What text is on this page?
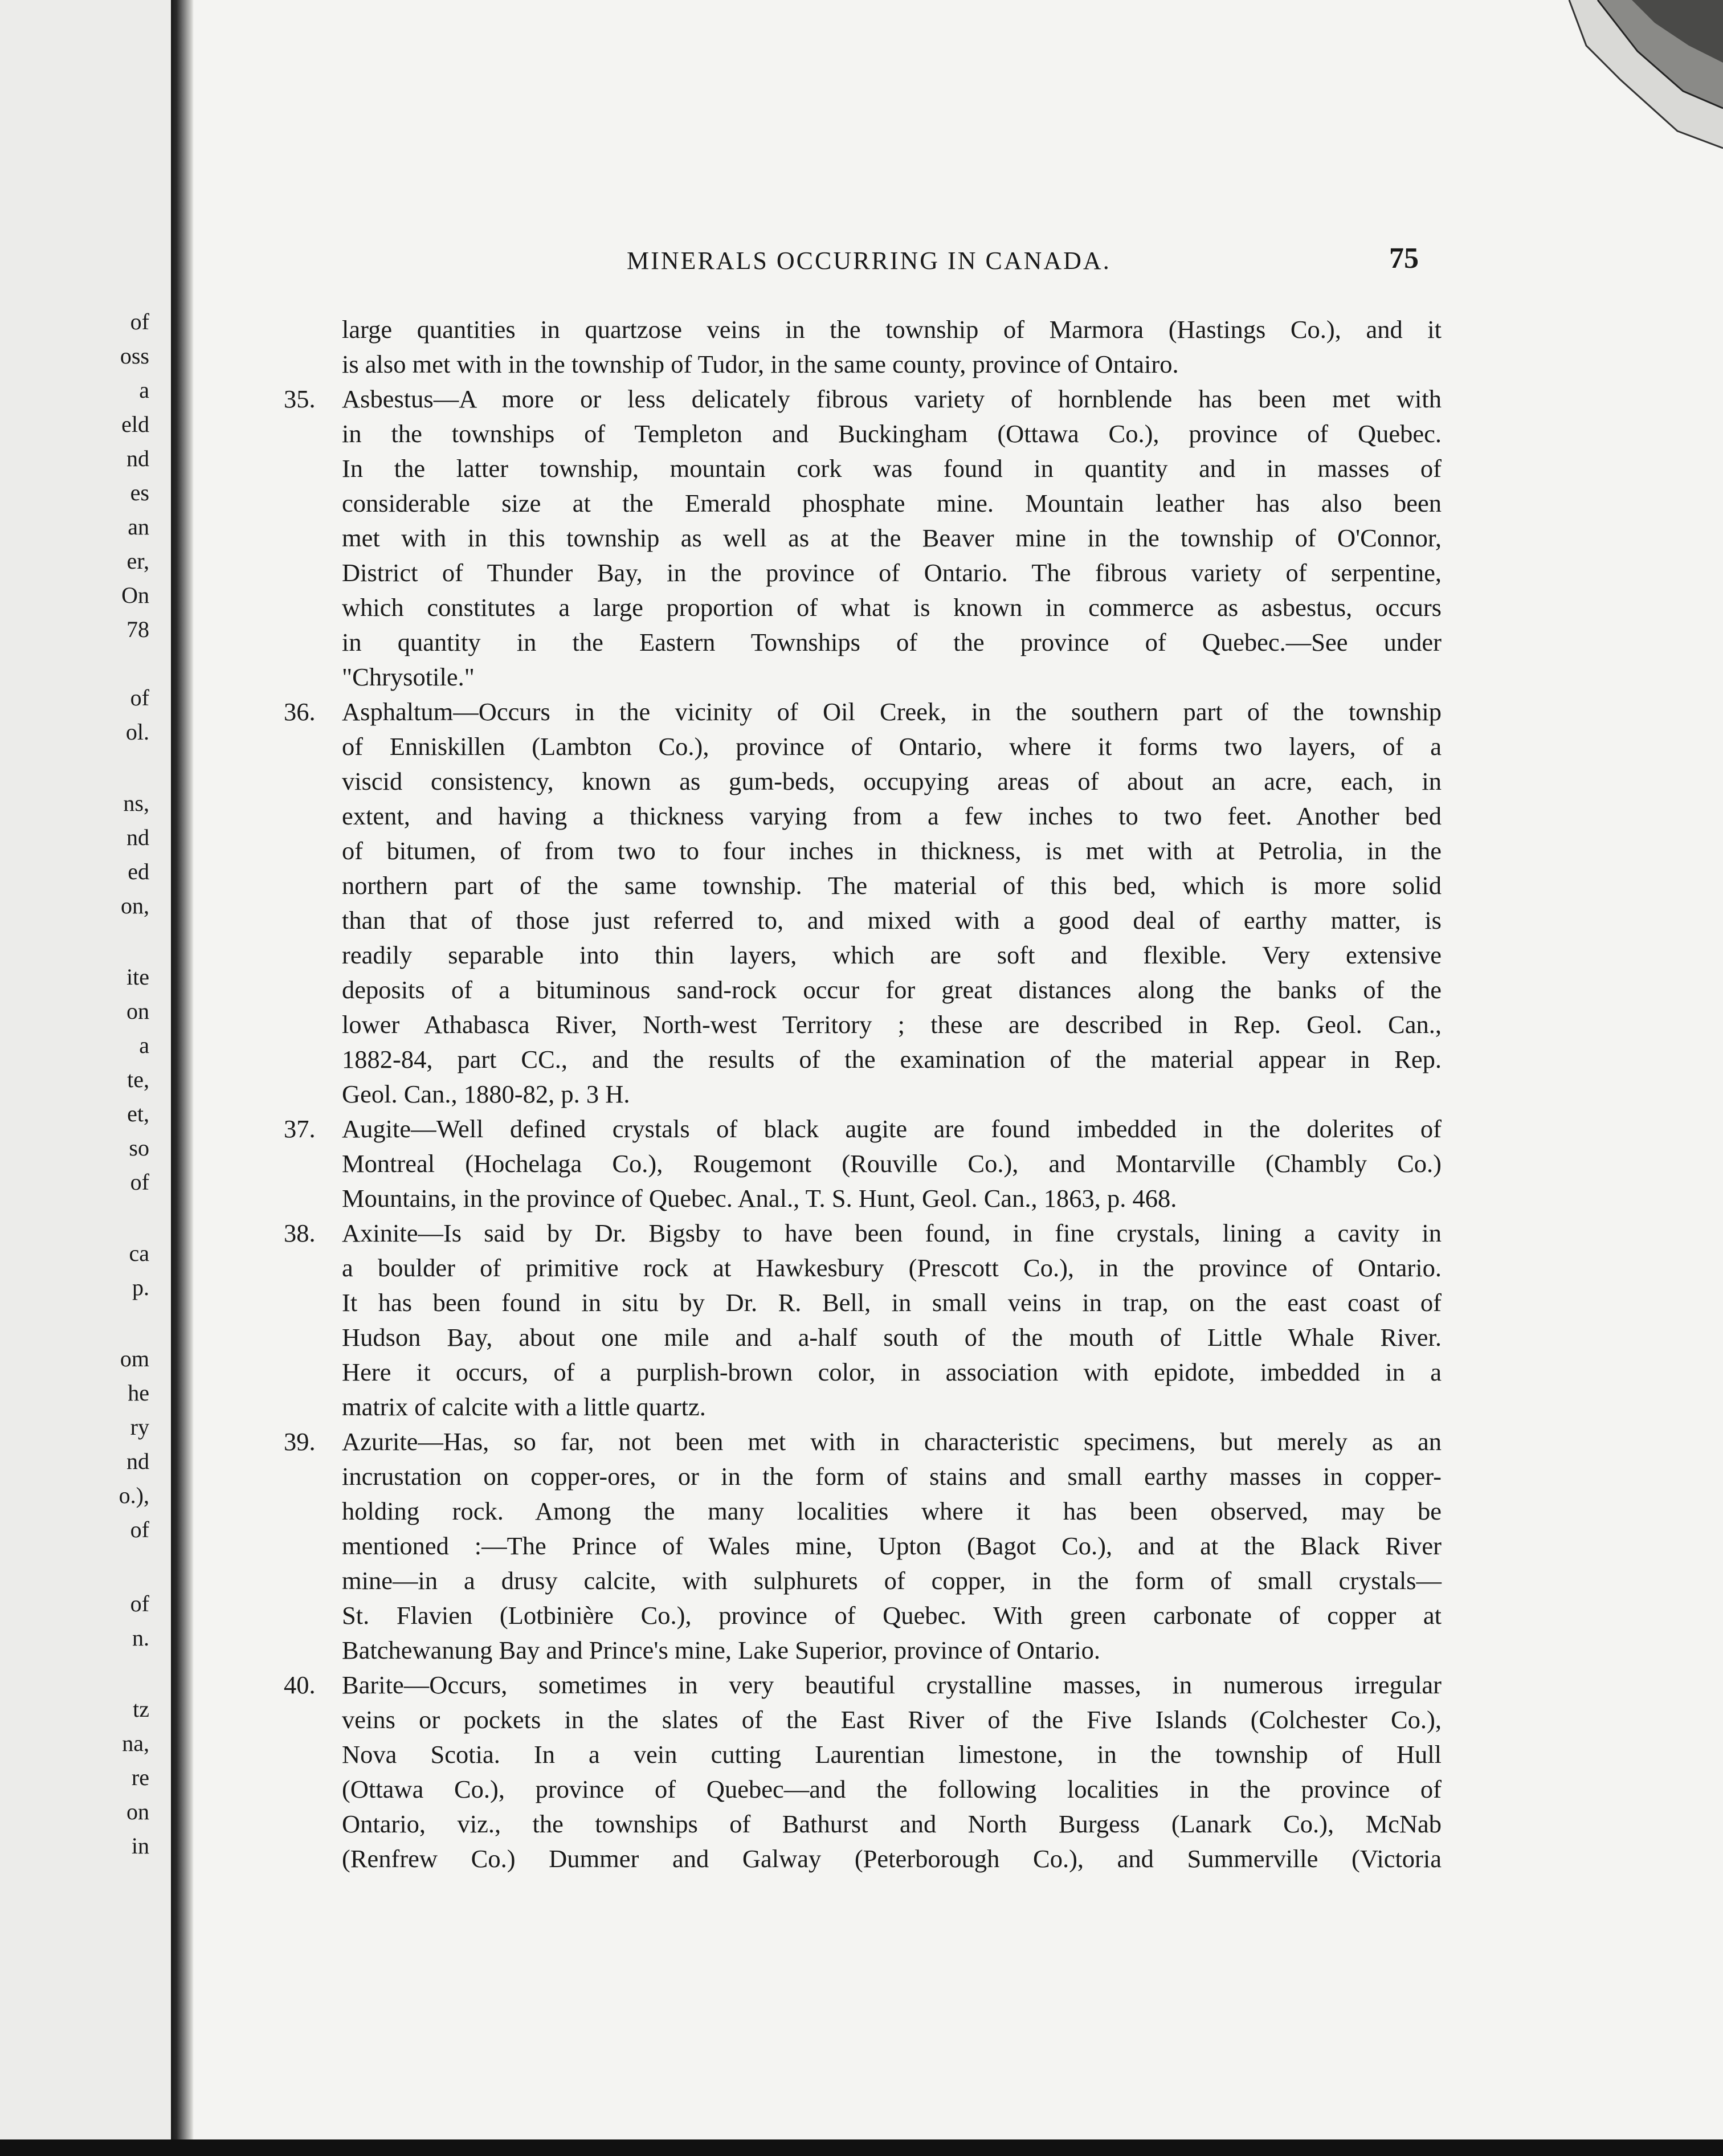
of
oss
a
eld
nd
es
an
er,
On
78
of
ol.
ns,
nd
ed
on,
ite
on
a
te,
et,
so
of
ca
p.
om
he
ry
nd
o.),
of
of
n.
tz
na,
re
on
in
MINERALS OCCURRING IN CANADA.	75
large quantities in quartzose veins in the township of Marmora (Hastings Co.), and it
is also met with in the township of Tudor, in the same county, province of Ontairo.
35. Asbestus—A more or less delicately fibrous variety of hornblende has been met with
in the townships of Templeton and Buckingham (Ottawa Co.), province of Quebec.
In the latter township, mountain cork was found in quantity and in masses of
considerable size at the Emerald phosphate mine. Mountain leather has also been
met with in this township as well as at the Beaver mine in the township of O'Connor,
District of Thunder Bay, in the province of Ontario. The fibrous variety of serpentine,
which constitutes a large proportion of what is known in commerce as asbestus, occurs
in quantity in the Eastern Townships of the province of Quebec.—See under
"Chrysotile."
36. Asphaltum—Occurs in the vicinity of Oil Creek, in the southern part of the township
of Enniskillen (Lambton Co.), province of Ontario, where it forms two layers, of a
viscid consistency, known as gum-beds, occupying areas of about an acre, each, in
extent, and having a thickness varying from a few inches to two feet. Another bed
of bitumen, of from two to four inches in thickness, is met with at Petrolia, in the
northern part of the same township. The material of this bed, which is more solid
than that of those just referred to, and mixed with a good deal of earthy matter, is
readily separable into thin layers, which are soft and flexible. Very extensive
deposits of a bituminous sand-rock occur for great distances along the banks of the
lower Athabasca River, North-west Territory ; these are described in Rep. Geol. Can.,
1882-84, part CC., and the results of the examination of the material appear in Rep.
Geol. Can., 1880-82, p. 3 H.
37. Augite—Well defined crystals of black augite are found imbedded in the dolerites of
Montreal (Hochelaga Co.), Rougemont (Rouville Co.), and Montarville (Chambly Co.)
Mountains, in the province of Quebec. Anal., T. S. Hunt, Geol. Can., 1863, p. 468.
38. Axinite—Is said by Dr. Bigsby to have been found, in fine crystals, lining a cavity in
a boulder of primitive rock at Hawkesbury (Prescott Co.), in the province of Ontario.
It has been found in situ by Dr. R. Bell, in small veins in trap, on the east coast of
Hudson Bay, about one mile and a-half south of the mouth of Little Whale River.
Here it occurs, of a purplish-brown color, in association with epidote, imbedded in a
matrix of calcite with a little quartz.
39. Azurite—Has, so far, not been met with in characteristic specimens, but merely as an
incrustation on copper-ores, or in the form of stains and small earthy masses in copper-
holding rock. Among the many localities where it has been observed, may be
mentioned :—The Prince of Wales mine, Upton (Bagot Co.), and at the Black River
mine—in a drusy calcite, with sulphurets of copper, in the form of small crystals—
St. Flavien (Lotbinière Co.), province of Quebec. With green carbonate of copper at
Batchewanung Bay and Prince's mine, Lake Superior, province of Ontario.
40. Barite—Occurs, sometimes in very beautiful crystalline masses, in numerous irregular
veins or pockets in the slates of the East River of the Five Islands (Colchester Co.),
Nova Scotia. In a vein cutting Laurentian limestone, in the township of Hull
(Ottawa Co.), province of Quebec—and the following localities in the province of
Ontario, viz., the townships of Bathurst and North Burgess (Lanark Co.), McNab
(Renfrew Co.) Dummer and Galway (Peterborough Co.), and Summerville (Victoria
